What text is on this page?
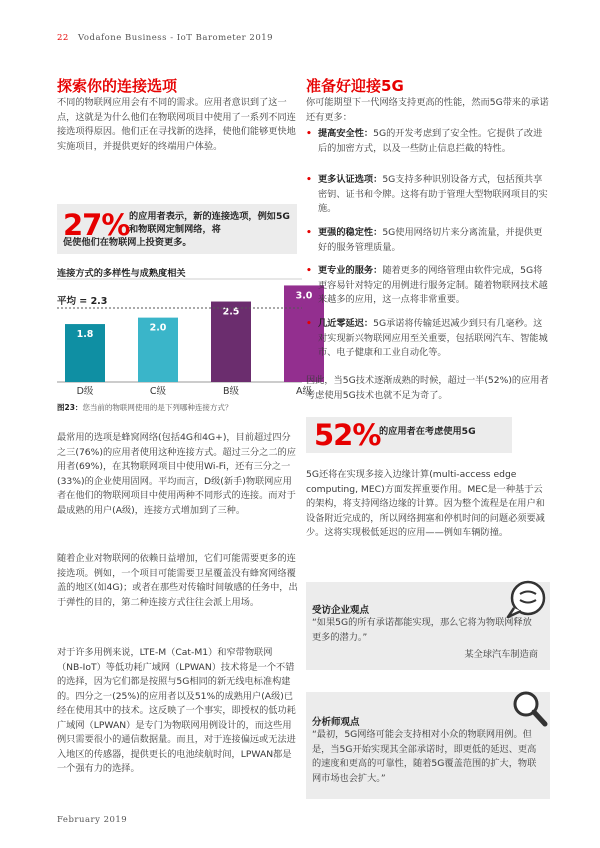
22 Vodafone Business - IoT Barometer 2019
探索你的连接选项
不同的物联网应用会有不同的需求。应用者意识到了这一点，这就是为什么他们在物联网项目中使用了一系列不同连接选项得原因。他们正在寻找新的选择，使他们能够更快地实施项目，并提供更好的终端用户体验。
27% 的应用者表示，新的连接选项，例如5G和物联网定制网络，将
促使他们在物联网上投资更多。
连接方式的多样性与成熟度相关
1.8
2.0
2.5
3.0
平均 = 2.3
D级	C级	B级	A级
图23：您当前的物联网使用的是下列哪种连接方式？
最常用的选项是蜂窝网络(包括4G和4G+)，目前超过四分之三(76%)的应用者使用这种连接方式。超过三分之二的应用者(69%)，在其物联网项目中使用Wi-Fi，还有三分之一(33%)的企业使用固网。平均而言，D级(新手)物联网应用者在他们的物联网项目中使用两种不同形式的连接。而对于最成熟的用户(A级)，连接方式增加到了三种。
随着企业对物联网的依赖日益增加，它们可能需要更多的连接选项。例如，一个项目可能需要卫星覆盖没有蜂窝网络覆盖的地区(如4G)；或者在那些对传输时间敏感的任务中，出于弹性的目的，第二种连接方式往往会派上用场。
对于许多用例来说，LTE-M（Cat-M1）和窄带物联网（NB-IoT）等低功耗广域网（LPWAN）技术将是一个不错的选择，因为它们都是按照与5G相同的新无线电标准构建的。四分之一(25%)的应用者以及51%的成熟用户(A级)已经在使用其中的技术。这反映了一个事实，即授权的低功耗广域网（LPWAN）是专门为物联网用例设计的，而这些用例只需要很小的通信数据量。而且，对于连接偏远或无法进入地区的传感器，提供更长的电池续航时间，LPWAN都是一个强有力的选择。
准备好迎接5G
你可能期望下一代网络支持更高的性能，然而5G带来的承诺还有更多：
• 提高安全性：5G的开发考虑到了安全性。它提供了改进后的加密方式，以及一些防止信息拦截的特性。
• 更多认证选项：5G支持多种识别设备方式，包括预共享密钥、证书和令牌。这将有助于管理大型物联网项目的实施。
• 更强的稳定性：5G使用网络切片来分离流量，并提供更好的服务管理质量。
• 更专业的服务：随着更多的网络管理由软件完成，5G将更容易针对特定的用例进行服务定制。随着物联网技术越来越多的应用，这一点将非常重要。
• 几近零延迟：5G承诺将传输延迟减少到只有几毫秒。这对实现新兴物联网应用至关重要，包括联网汽车、智能城市、电子健康和工业自动化等。
因此，当5G技术逐渐成熟的时候，超过一半(52%)的应用者考虑使用5G技术也就不足为奇了。
52%
的应用者在考虑使用5G
5G还将在实现多接入边缘计算(multi-access edge computing, MEC)方面发挥重要作用。MEC是一种基于云的架构，将支持网络边缘的计算。因为整个流程是在用户和设备附近完成的，所以网络拥塞和停机时间的问题必须要减少。这将实现极低延迟的应用——例如车辆防撞。
受访企业观点
“如果5G的所有承诺都能实现，那么它将为物联网释放更多的潜力。”
某全球汽车制造商
分析师观点
“最初，5G网络可能会支持相对小众的物联网用例。但是，当5G开始实现其全部承诺时，即更低的延迟、更高的速度和更高的可靠性，随着5G覆盖范围的扩大，物联网市场也会扩大。”
February 2019
